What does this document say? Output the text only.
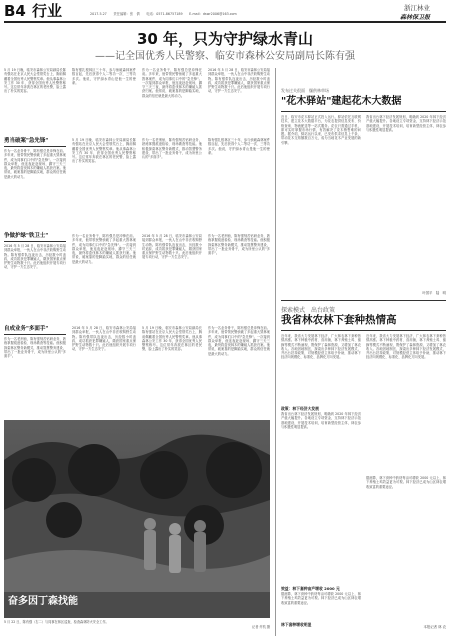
B4 行业	2017.5.27　　责任编辑：张　倩　　电话：0571-86757189　　E-mail：dswr2006@163.com
浙江林业
森林保卫报
30 年，只为守护绿水青山
——记全国优秀人民警察、临安市森林公安局副局长陈有强
5 月 19 日晚，临安市森林公安局副局长陈有强站在北京人民大会堂领奖台上，胸前佩戴着全国优秀人民警察奖章。他从事森林公安工作 30 年，获得全国优秀人民警察称号。这位常年奔波在林区的老民警，脸上露出了朴实的笑容。
陈有强扎根林区三十年，参与侦破森林案件数百起，先后获得个人二等功一次、三等功多次。他说，守护绿水青山是他一生的使命。
作为一名业务骨干，陈有强总是冲锋在前。多年来，他带领民警侦破了多起重大毁林案件，成为同事们口中的"急先锋"。一次接到群众举报，他连夜赶赴现场，蹲守三天三夜，最终将盗伐林木的嫌疑人抓获归案。他常说，破案靠的是脚踏实地，群众的信任就是最大的动力。
2016 年 5 月 28 日，临安市森林公安局接到群众举报，一伙人在山中非法收购野生动物。陈有强带队连夜出击，历经数小时追踪，成功抓获犯罪嫌疑人，缴获国家重点保护野生动物数十只。此后他组织开展专项行动，守护一方生态安宁。
勇当破案"急先锋"
作为一名业务骨干，陈有强总是冲锋在前。多年来，他带领民警侦破了多起重大毁林案件，成为同事们口中的"急先锋"。一次接到群众举报，他连夜赶赴现场，蹲守三天三夜，最终将盗伐林木的嫌疑人抓获归案。他常说，破案靠的是脚踏实地，群众的信任就是最大的动力。
5 月 19 日晚，临安市森林公安局副局长陈有强站在北京人民大会堂领奖台上，胸前佩戴着全国优秀人民警察奖章。他从事森林公安工作 30 年，获得全国优秀人民警察称号。这位常年奔波在林区的老民警，脸上露出了朴实的笑容。
作为一名老刑侦，陈有强刻苦钻研业务，熟练掌握痕迹检验、现场勘查等技能。他积极探索林区警务新模式，推动智慧警务建设，带出了一批业务骨干，成为所里公认的"多面手"。
陈有强扎根林区三十年，参与侦破森林案件数百起，先后获得个人二等功一次、三等功多次。他说，守护绿水青山是他一生的使命。
争做护绿"铁卫士"
2016 年 5 月 28 日，临安市森林公安局接到群众举报，一伙人在山中非法收购野生动物。陈有强带队连夜出击，历经数小时追踪，成功抓获犯罪嫌疑人，缴获国家重点保护野生动物数十只。此后他组织开展专项行动，守护一方生态安宁。
作为一名业务骨干，陈有强总是冲锋在前。多年来，他带领民警侦破了多起重大毁林案件，成为同事们口中的"急先锋"。一次接到群众举报，他连夜赶赴现场，蹲守三天三夜，最终将盗伐林木的嫌疑人抓获归案。他常说，破案靠的是脚踏实地，群众的信任就是最大的动力。
2016 年 5 月 28 日，临安市森林公安局接到群众举报，一伙人在山中非法收购野生动物。陈有强带队连夜出击，历经数小时追踪，成功抓获犯罪嫌疑人，缴获国家重点保护野生动物数十只。此后他组织开展专项行动，守护一方生态安宁。
作为一名老刑侦，陈有强刻苦钻研业务，熟练掌握痕迹检验、现场勘查等技能。他积极探索林区警务新模式，推动智慧警务建设，带出了一批业务骨干，成为所里公认的"多面手"。
自成业务"多面手"
作为一名老刑侦，陈有强刻苦钻研业务，熟练掌握痕迹检验、现场勘查等技能。他积极探索林区警务新模式，推动智慧警务建设，带出了一批业务骨干，成为所里公认的"多面手"。
2016 年 5 月 28 日，临安市森林公安局接到群众举报，一伙人在山中非法收购野生动物。陈有强带队连夜出击，历经数小时追踪，成功抓获犯罪嫌疑人，缴获国家重点保护野生动物数十只。此后他组织开展专项行动，守护一方生态安宁。
5 月 19 日晚，临安市森林公安局副局长陈有强站在北京人民大会堂领奖台上，胸前佩戴着全国优秀人民警察奖章。他从事森林公安工作 30 年，获得全国优秀人民警察称号。这位常年奔波在林区的老民警，脸上露出了朴实的笑容。
作为一名业务骨干，陈有强总是冲锋在前。多年来，他带领民警侦破了多起重大毁林案件，成为同事们口中的"急先锋"。一次接到群众举报，他连夜赶赴现场，蹲守三天三夜，最终将盗伐林木的嫌疑人抓获归案。他常说，破案靠的是脚踏实地，群众的信任就是最大的动力。
奋多因丁森找能
5 月 22 日，陈有强（右二）与同事在林区巡查，检查森林防火安全工作。
记者 许杭 摄
发布过关很面　爆供林草场
"花木驿站"建起花木大数据
近日，临安市花木驿站正式投入运行。驿站依托互联网技术，建立花木大数据平台，为花农提供信息发布、价格查询、物流配送等一站式服务。花农只需通过手机，即可实时掌握市场行情，有效解决了花木销售难的问题。据介绍，驿站运行以来，已发布供求信息上千条，带动花木交易额数百万元，成为当地花木产业发展的新引擎。
我省出台林下经济发展规划，明确到 2020 年林下经济产值大幅提升。各地设立专项资金，支持林下经济示范基地建设，开展技术培训，培育新型经营主体，林农参与积极性明显提高。
叶国平　陆　明
探索模式　出台政策
我省林农林下套种热情高
近年来，我省大力发展林下经济，广大林农林下套种热情高涨。林下种植中药材、食用菌，林下养殖土鸡、蜜蜂等模式不断涌现，既保护了森林资源，又增加了林农收入。各地因地制宜，探索出多种林下经济发展模式，并出台扶持政策，对规模经营主体给予补助，推动林下经济向规模化、标准化、品牌化方向发展。
政策：林下经济大发展
我省出台林下经济发展规划，明确到 2020 年林下经济产值大幅提升。各地设立专项资金，支持林下经济示范基地建设，开展技术培训，培育新型经营主体，林农参与积极性明显提高。
效益：林下套种亩产增收 2000 元
据测算，林下套种中药材每亩可增收 2000 元以上，林下养殖土鸡效益更为可观。林下经济已成为山区林农增收致富的重要途径。
林下套种增收明显
近年来，我省大力发展林下经济，广大林农林下套种热情高涨。林下种植中药材、食用菌，林下养殖土鸡、蜜蜂等模式不断涌现，既保护了森林资源，又增加了林农收入。各地因地制宜，探索出多种林下经济发展模式，并出台扶持政策，对规模经营主体给予补助，推动林下经济向规模化、标准化、品牌化方向发展。
据测算，林下套种中药材每亩可增收 2000 元以上，林下养殖土鸡效益更为可观。林下经济已成为山区林农增收致富的重要途径。
本报记者 林 农
